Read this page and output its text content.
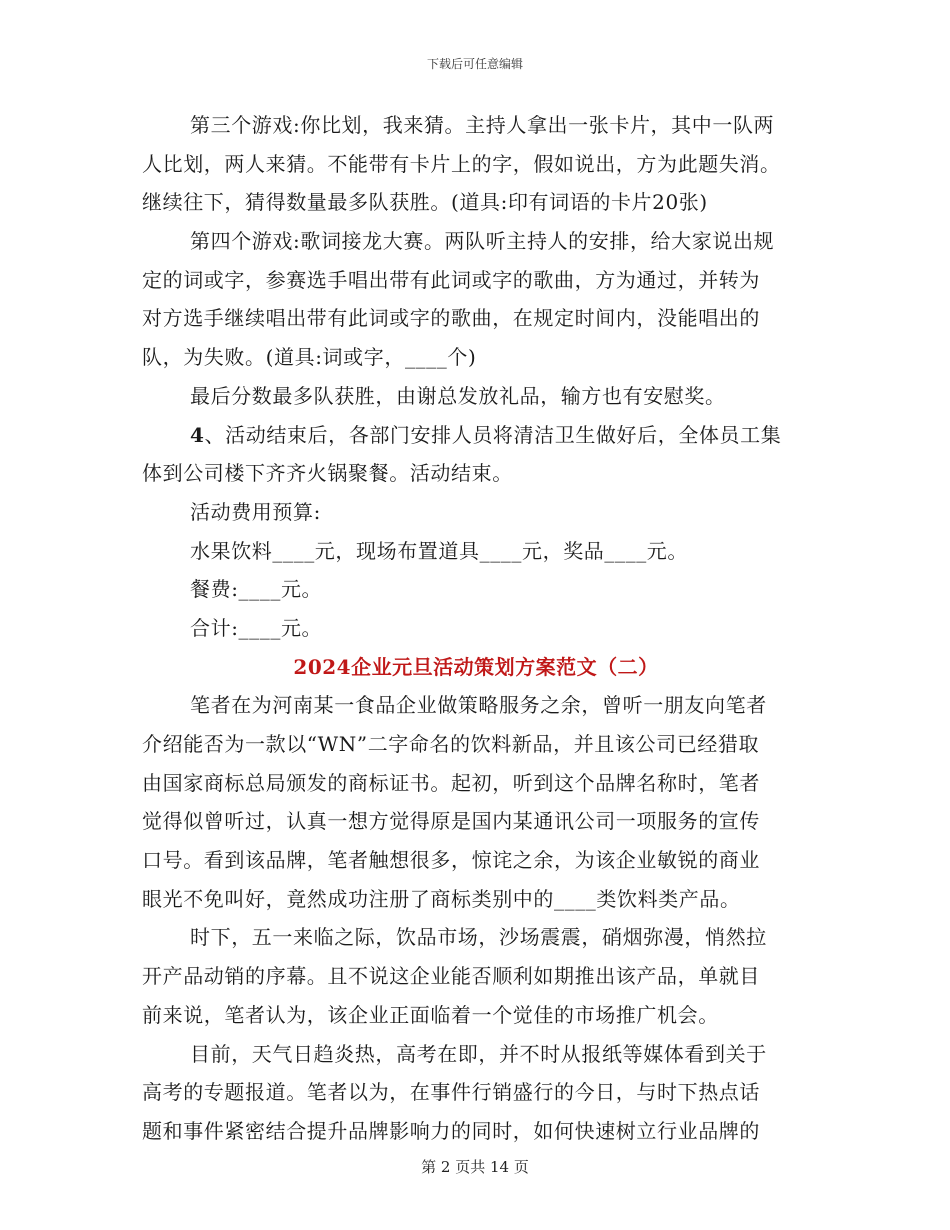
下载后可任意编辑
第三个游戏:你比划，我来猜。主持人拿出一张卡片，其中一队两
人比划，两人来猜。不能带有卡片上的字，假如说出，方为此题失消。
继续往下，猜得数量最多队获胜。(道具:印有词语的卡片20张)
第四个游戏:歌词接龙大赛。两队听主持人的安排，给大家说出规
定的词或字，参赛选手唱出带有此词或字的歌曲，方为通过，并转为
对方选手继续唱出带有此词或字的歌曲，在规定时间内，没能唱出的
队，为失败。(道具:词或字，____个)
最后分数最多队获胜，由谢总发放礼品，输方也有安慰奖。
4、活动结束后，各部门安排人员将清洁卫生做好后，全体员工集
体到公司楼下齐齐火锅聚餐。活动结束。
活动费用预算:
水果饮料____元，现场布置道具____元，奖品____元。
餐费:____元。
合计:____元。
2024企业元旦活动策划方案范文（二）
笔者在为河南某一食品企业做策略服务之余，曾听一朋友向笔者
介绍能否为一款以“WN”二字命名的饮料新品，并且该公司已经猎取
由国家商标总局颁发的商标证书。起初，听到这个品牌名称时，笔者
觉得似曾听过，认真一想方觉得原是国内某通讯公司一项服务的宣传
口号。看到该品牌，笔者触想很多，惊诧之余，为该企业敏锐的商业
眼光不免叫好，竟然成功注册了商标类别中的____类饮料类产品。
时下，五一来临之际，饮品市场，沙场震震，硝烟弥漫，悄然拉
开产品动销的序幕。且不说这企业能否顺利如期推出该产品，单就目
前来说，笔者认为，该企业正面临着一个觉佳的市场推广机会。
目前，天气日趋炎热，高考在即，并不时从报纸等媒体看到关于
高考的专题报道。笔者以为，在事件行销盛行的今日，与时下热点话
题和事件紧密结合提升品牌影响力的同时，如何快速树立行业品牌的
第 2 页共 14 页
